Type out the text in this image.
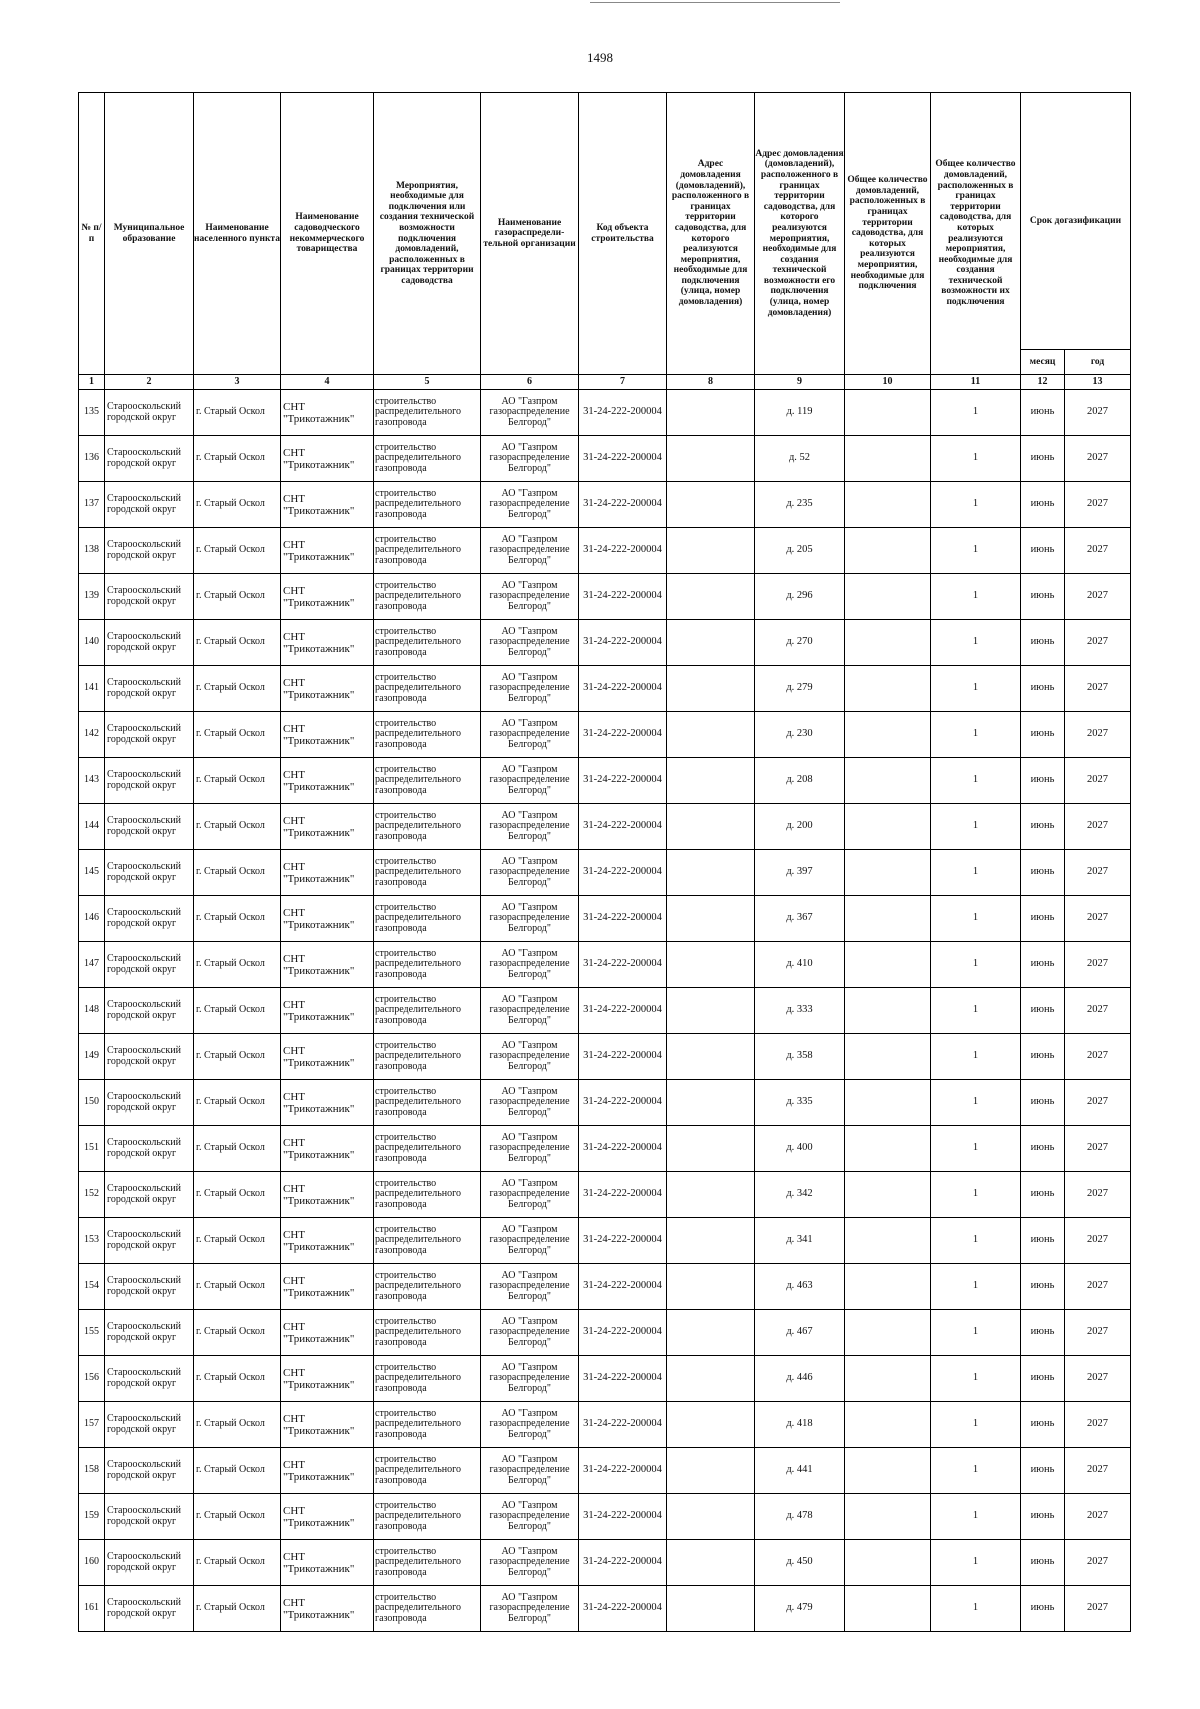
1498
№ п/п	Муниципальное образование	Наименование населенного пункта	Наименование садоводческого некоммерческого товарищества	Мероприятия, необходимые для подключения или создания технической возможности подключения домовладений, расположенных в границах территории садоводства	Наименование газораспредели-тельной организации	Код объекта строительства	Адрес домовладения (домовладений), расположенного в границах территории садоводства, для которого реализуются мероприятия, необходимые для подключения (улица, номер домовладения)	Адрес домовладения (домовладений), расположенного в границах территории садоводства, для которого реализуются мероприятия, необходимые для создания технической возможности его подключения (улица, номер домовладения)	Общее количество домовладений, расположенных в границах территории садоводства, для которых реализуются мероприятия, необходимые для подключения	Общее количество домовладений, расположенных в границах территории садоводства, для которых реализуются мероприятия, необходимые для создания технической возможности их подключения	Срок догазификации	
											месяц	год
1	2	3	4	5	6	7	8	9	10	11	12	13
135	Старооскольский городской округ	г. Старый Оскол	СНТ "Трикотажник"	строительство распределительного газопровода	АО "Газпром газораспределение Белгород"	31-24-222-200004		д. 119		1	июнь	2027
136	Старооскольский городской округ	г. Старый Оскол	СНТ "Трикотажник"	строительство распределительного газопровода	АО "Газпром газораспределение Белгород"	31-24-222-200004		д. 52		1	июнь	2027
137	Старооскольский городской округ	г. Старый Оскол	СНТ "Трикотажник"	строительство распределительного газопровода	АО "Газпром газораспределение Белгород"	31-24-222-200004		д. 235		1	июнь	2027
138	Старооскольский городской округ	г. Старый Оскол	СНТ "Трикотажник"	строительство распределительного газопровода	АО "Газпром газораспределение Белгород"	31-24-222-200004		д. 205		1	июнь	2027
139	Старооскольский городской округ	г. Старый Оскол	СНТ "Трикотажник"	строительство распределительного газопровода	АО "Газпром газораспределение Белгород"	31-24-222-200004		д. 296		1	июнь	2027
140	Старооскольский городской округ	г. Старый Оскол	СНТ "Трикотажник"	строительство распределительного газопровода	АО "Газпром газораспределение Белгород"	31-24-222-200004		д. 270		1	июнь	2027
141	Старооскольский городской округ	г. Старый Оскол	СНТ "Трикотажник"	строительство распределительного газопровода	АО "Газпром газораспределение Белгород"	31-24-222-200004		д. 279		1	июнь	2027
142	Старооскольский городской округ	г. Старый Оскол	СНТ "Трикотажник"	строительство распределительного газопровода	АО "Газпром газораспределение Белгород"	31-24-222-200004		д. 230		1	июнь	2027
143	Старооскольский городской округ	г. Старый Оскол	СНТ "Трикотажник"	строительство распределительного газопровода	АО "Газпром газораспределение Белгород"	31-24-222-200004		д. 208		1	июнь	2027
144	Старооскольский городской округ	г. Старый Оскол	СНТ "Трикотажник"	строительство распределительного газопровода	АО "Газпром газораспределение Белгород"	31-24-222-200004		д. 200		1	июнь	2027
145	Старооскольский городской округ	г. Старый Оскол	СНТ "Трикотажник"	строительство распределительного газопровода	АО "Газпром газораспределение Белгород"	31-24-222-200004		д. 397		1	июнь	2027
146	Старооскольский городской округ	г. Старый Оскол	СНТ "Трикотажник"	строительство распределительного газопровода	АО "Газпром газораспределение Белгород"	31-24-222-200004		д. 367		1	июнь	2027
147	Старооскольский городской округ	г. Старый Оскол	СНТ "Трикотажник"	строительство распределительного газопровода	АО "Газпром газораспределение Белгород"	31-24-222-200004		д. 410		1	июнь	2027
148	Старооскольский городской округ	г. Старый Оскол	СНТ "Трикотажник"	строительство распределительного газопровода	АО "Газпром газораспределение Белгород"	31-24-222-200004		д. 333		1	июнь	2027
149	Старооскольский городской округ	г. Старый Оскол	СНТ "Трикотажник"	строительство распределительного газопровода	АО "Газпром газораспределение Белгород"	31-24-222-200004		д. 358		1	июнь	2027
150	Старооскольский городской округ	г. Старый Оскол	СНТ "Трикотажник"	строительство распределительного газопровода	АО "Газпром газораспределение Белгород"	31-24-222-200004		д. 335		1	июнь	2027
151	Старооскольский городской округ	г. Старый Оскол	СНТ "Трикотажник"	строительство распределительного газопровода	АО "Газпром газораспределение Белгород"	31-24-222-200004		д. 400		1	июнь	2027
152	Старооскольский городской округ	г. Старый Оскол	СНТ "Трикотажник"	строительство распределительного газопровода	АО "Газпром газораспределение Белгород"	31-24-222-200004		д. 342		1	июнь	2027
153	Старооскольский городской округ	г. Старый Оскол	СНТ "Трикотажник"	строительство распределительного газопровода	АО "Газпром газораспределение Белгород"	31-24-222-200004		д. 341		1	июнь	2027
154	Старооскольский городской округ	г. Старый Оскол	СНТ "Трикотажник"	строительство распределительного газопровода	АО "Газпром газораспределение Белгород"	31-24-222-200004		д. 463		1	июнь	2027
155	Старооскольский городской округ	г. Старый Оскол	СНТ "Трикотажник"	строительство распределительного газопровода	АО "Газпром газораспределение Белгород"	31-24-222-200004		д. 467		1	июнь	2027
156	Старооскольский городской округ	г. Старый Оскол	СНТ "Трикотажник"	строительство распределительного газопровода	АО "Газпром газораспределение Белгород"	31-24-222-200004		д. 446		1	июнь	2027
157	Старооскольский городской округ	г. Старый Оскол	СНТ "Трикотажник"	строительство распределительного газопровода	АО "Газпром газораспределение Белгород"	31-24-222-200004		д. 418		1	июнь	2027
158	Старооскольский городской округ	г. Старый Оскол	СНТ "Трикотажник"	строительство распределительного газопровода	АО "Газпром газораспределение Белгород"	31-24-222-200004		д. 441		1	июнь	2027
159	Старооскольский городской округ	г. Старый Оскол	СНТ "Трикотажник"	строительство распределительного газопровода	АО "Газпром газораспределение Белгород"	31-24-222-200004		д. 478		1	июнь	2027
160	Старооскольский городской округ	г. Старый Оскол	СНТ "Трикотажник"	строительство распределительного газопровода	АО "Газпром газораспределение Белгород"	31-24-222-200004		д. 450		1	июнь	2027
161	Старооскольский городской округ	г. Старый Оскол	СНТ "Трикотажник"	строительство распределительного газопровода	АО "Газпром газораспределение Белгород"	31-24-222-200004		д. 479		1	июнь	2027
